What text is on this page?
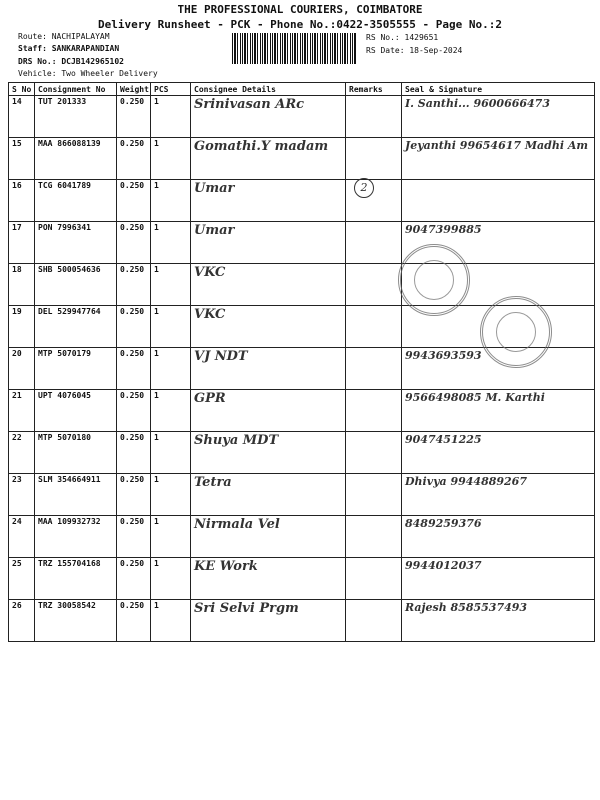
THE PROFESSIONAL COURIERS, COIMBATORE
Delivery Runsheet - PCK - Phone No.:0422-3505555 - Page No.:2
Route: NACHIPALAYAM
Staff: SANKARAPANDIAN
DRS No.: DCJB142965102
Vehicle: Two Wheeler Delivery
RS No.: 1429651
RS Date: 18-Sep-2024
S No	Consignment No	Weight	PCS	Consignee Details	Remarks	Seal & Signature
14	TUT 201333	0.250	1	Srinivasan ARc		I. Santhi... 9600666473
15	MAA 866088139	0.250	1	Gomathi.Y madam		Jeyanthi 99654617 Madhi Am
16	TCG 6041789	0.250	1	Umar		
17	PON 7996341	0.250	1	Umar		9047399885
18	SHB 500054636	0.250	1	VKC		
19	DEL 529947764	0.250	1	VKC		
20	MTP 5070179	0.250	1	VJ NDT		9943693593
21	UPT 4076045	0.250	1	GPR		9566498085 M. Karthi
22	MTP 5070180	0.250	1	Shuya MDT		9047451225
23	SLM 354664911	0.250	1	Tetra		Dhivya 9944889267
24	MAA 109932732	0.250	1	Nirmala Vel		8489259376
25	TRZ 155704168	0.250	1	KE Work		9944012037
26	TRZ 30058542	0.250	1	Sri Selvi Prgm		Rajesh 8585537493
2
